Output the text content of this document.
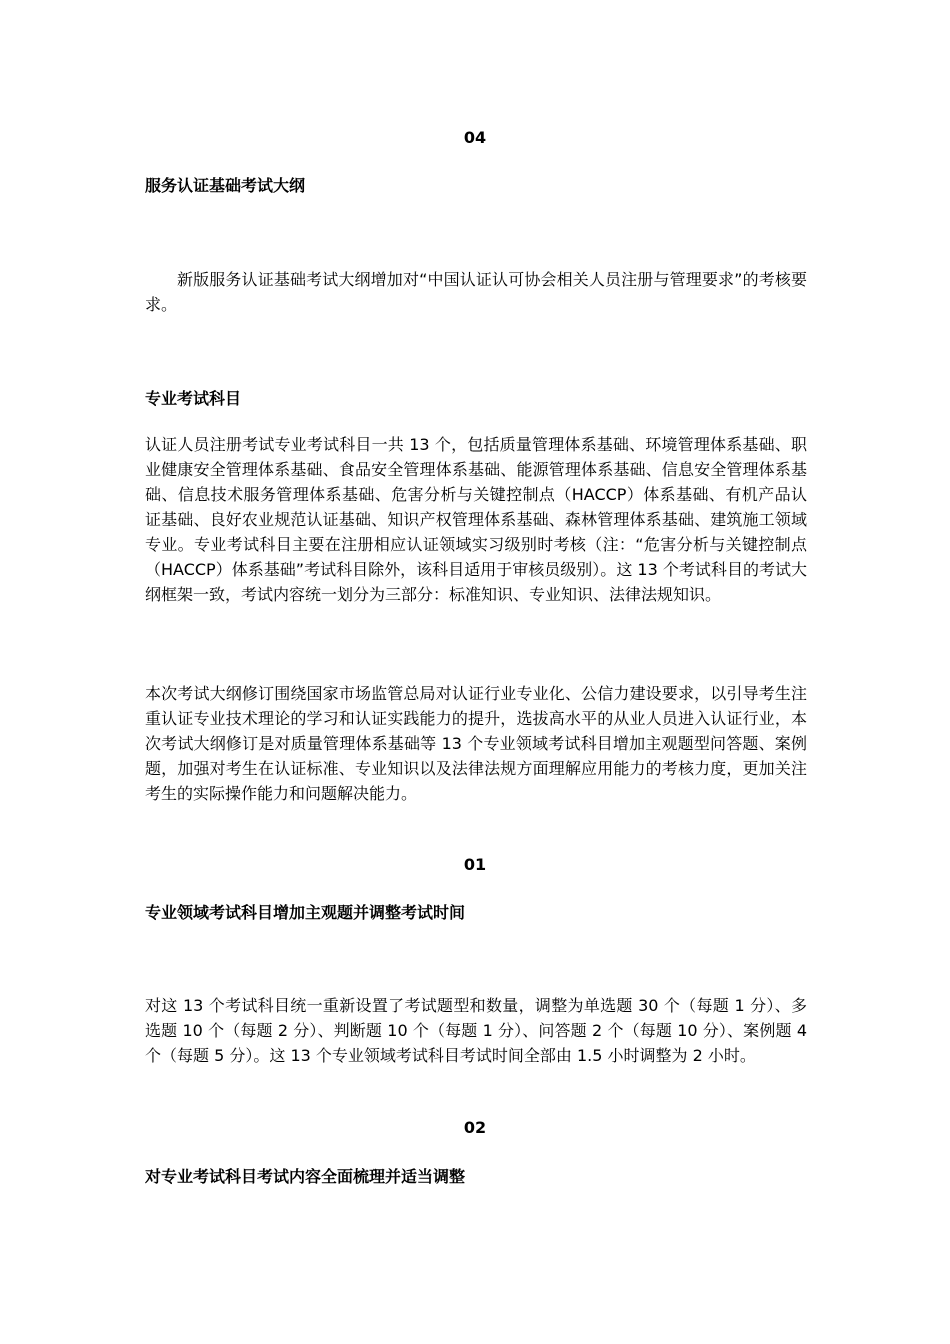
04
服务认证基础考试大纲

新版服务认证基础考试大纲增加对“中国认证认可协会相关人员注册与管理要求”的考核要求。

专业考试科目

认证人员注册考试专业考试科目一共 13 个，包括质量管理体系基础、环境管理体系基础、职业健康安全管理体系基础、食品安全管理体系基础、能源管理体系基础、信息安全管理体系基础、信息技术服务管理体系基础、危害分析与关键控制点（HACCP）体系基础、有机产品认证基础、良好农业规范认证基础、知识产权管理体系基础、森林管理体系基础、建筑施工领域专业。专业考试科目主要在注册相应认证领域实习级别时考核（注：“危害分析与关键控制点（HACCP）体系基础”考试科目除外，该科目适用于审核员级别）。这 13 个考试科目的考试大纲框架一致，考试内容统一划分为三部分：标准知识、专业知识、法律法规知识。

本次考试大纲修订围绕国家市场监管总局对认证行业专业化、公信力建设要求，以引导考生注重认证专业技术理论的学习和认证实践能力的提升，选拔高水平的从业人员进入认证行业，本次考试大纲修订是对质量管理体系基础等 13 个专业领域考试科目增加主观题型问答题、案例题，加强对考生在认证标准、专业知识以及法律法规方面理解应用能力的考核力度，更加关注考生的实际操作能力和问题解决能力。

01
专业领域考试科目增加主观题并调整考试时间

对这 13 个考试科目统一重新设置了考试题型和数量，调整为单选题 30 个（每题 1 分）、多选题 10 个（每题 2 分）、判断题 10 个（每题 1 分）、问答题 2 个（每题 10 分）、案例题 4 个（每题 5 分）。这 13 个专业领域考试科目考试时间全部由 1.5 小时调整为 2 小时。

02
对专业考试科目考试内容全面梳理并适当调整
